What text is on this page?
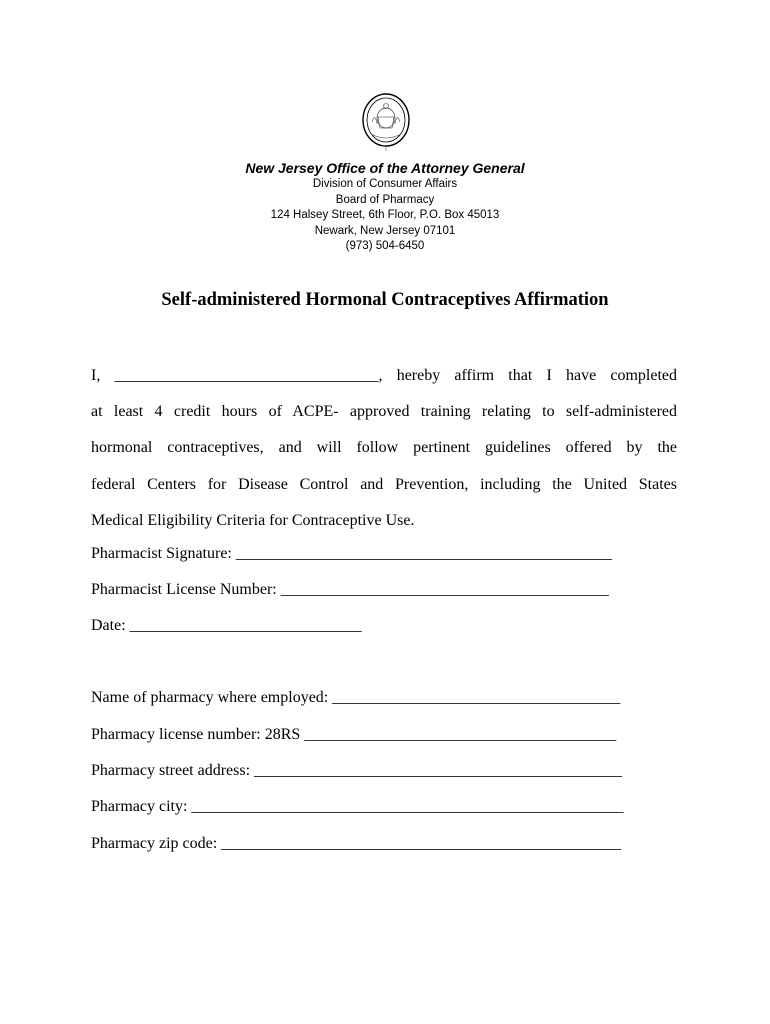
New Jersey Office of the Attorney General

Division of Consumer Affairs

Board of Pharmacy

124 Halsey Street, 6th Floor, P.O. Box 45013

Newark, New Jersey 07101

(973) 504-6450

Self-administered Hormonal Contraceptives Affirmation
I, _________________________________, hereby affirm that I have completed
at least 4 credit hours of ACPE- approved training relating to self-administered
hormonal contraceptives, and will follow pertinent guidelines offered by the
federal Centers for Disease Control and Prevention, including the United States
Medical Eligibility Criteria for Contraceptive Use.

Pharmacist Signature: _______________________________________________

Pharmacist License Number: _________________________________________

Date: _____________________________

Name of pharmacy where employed: ____________________________________

Pharmacy license number: 28RS _______________________________________

Pharmacy street address: ______________________________________________

Pharmacy city: ______________________________________________________

Pharmacy zip code: __________________________________________________
